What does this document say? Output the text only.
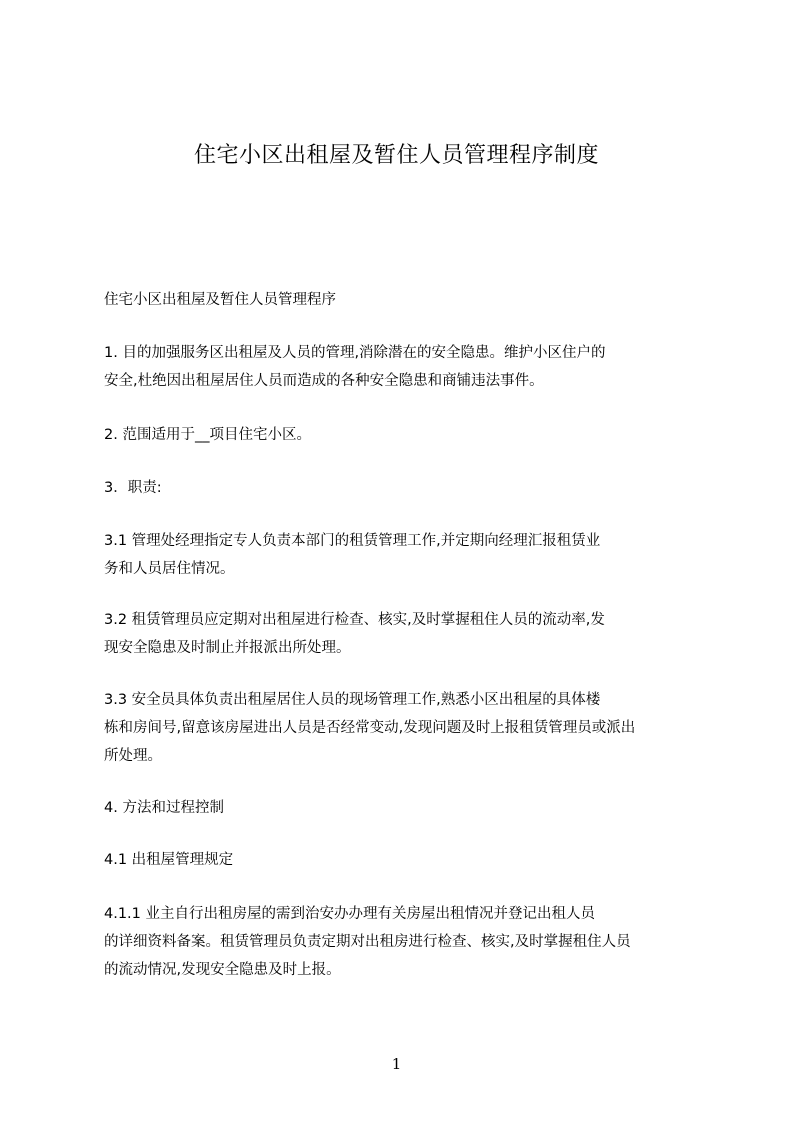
住宅小区出租屋及暂住人员管理程序制度
住宅小区出租屋及暂住人员管理程序
1. 目的加强服务区出租屋及人员的管理,消除潜在的安全隐患。维护小区住户的
安全,杜绝因出租屋居住人员而造成的各种安全隐患和商铺违法事件。
2. 范围适用于__项目住宅小区。
3．职责:
3.1 管理处经理指定专人负责本部门的租赁管理工作,并定期向经理汇报租赁业
务和人员居住情况。
3.2 租赁管理员应定期对出租屋进行检查、核实,及时掌握租住人员的流动率,发
现安全隐患及时制止并报派出所处理。
3.3 安全员具体负责出租屋居住人员的现场管理工作,熟悉小区出租屋的具体楼
栋和房间号,留意该房屋进出人员是否经常变动,发现问题及时上报租赁管理员或派出
所处理。
4. 方法和过程控制
4.1 出租屋管理规定
4.1.1 业主自行出租房屋的需到治安办办理有关房屋出租情况并登记出租人员
的详细资料备案。租赁管理员负责定期对出租房进行检查、核实,及时掌握租住人员
的流动情况,发现安全隐患及时上报。
1
